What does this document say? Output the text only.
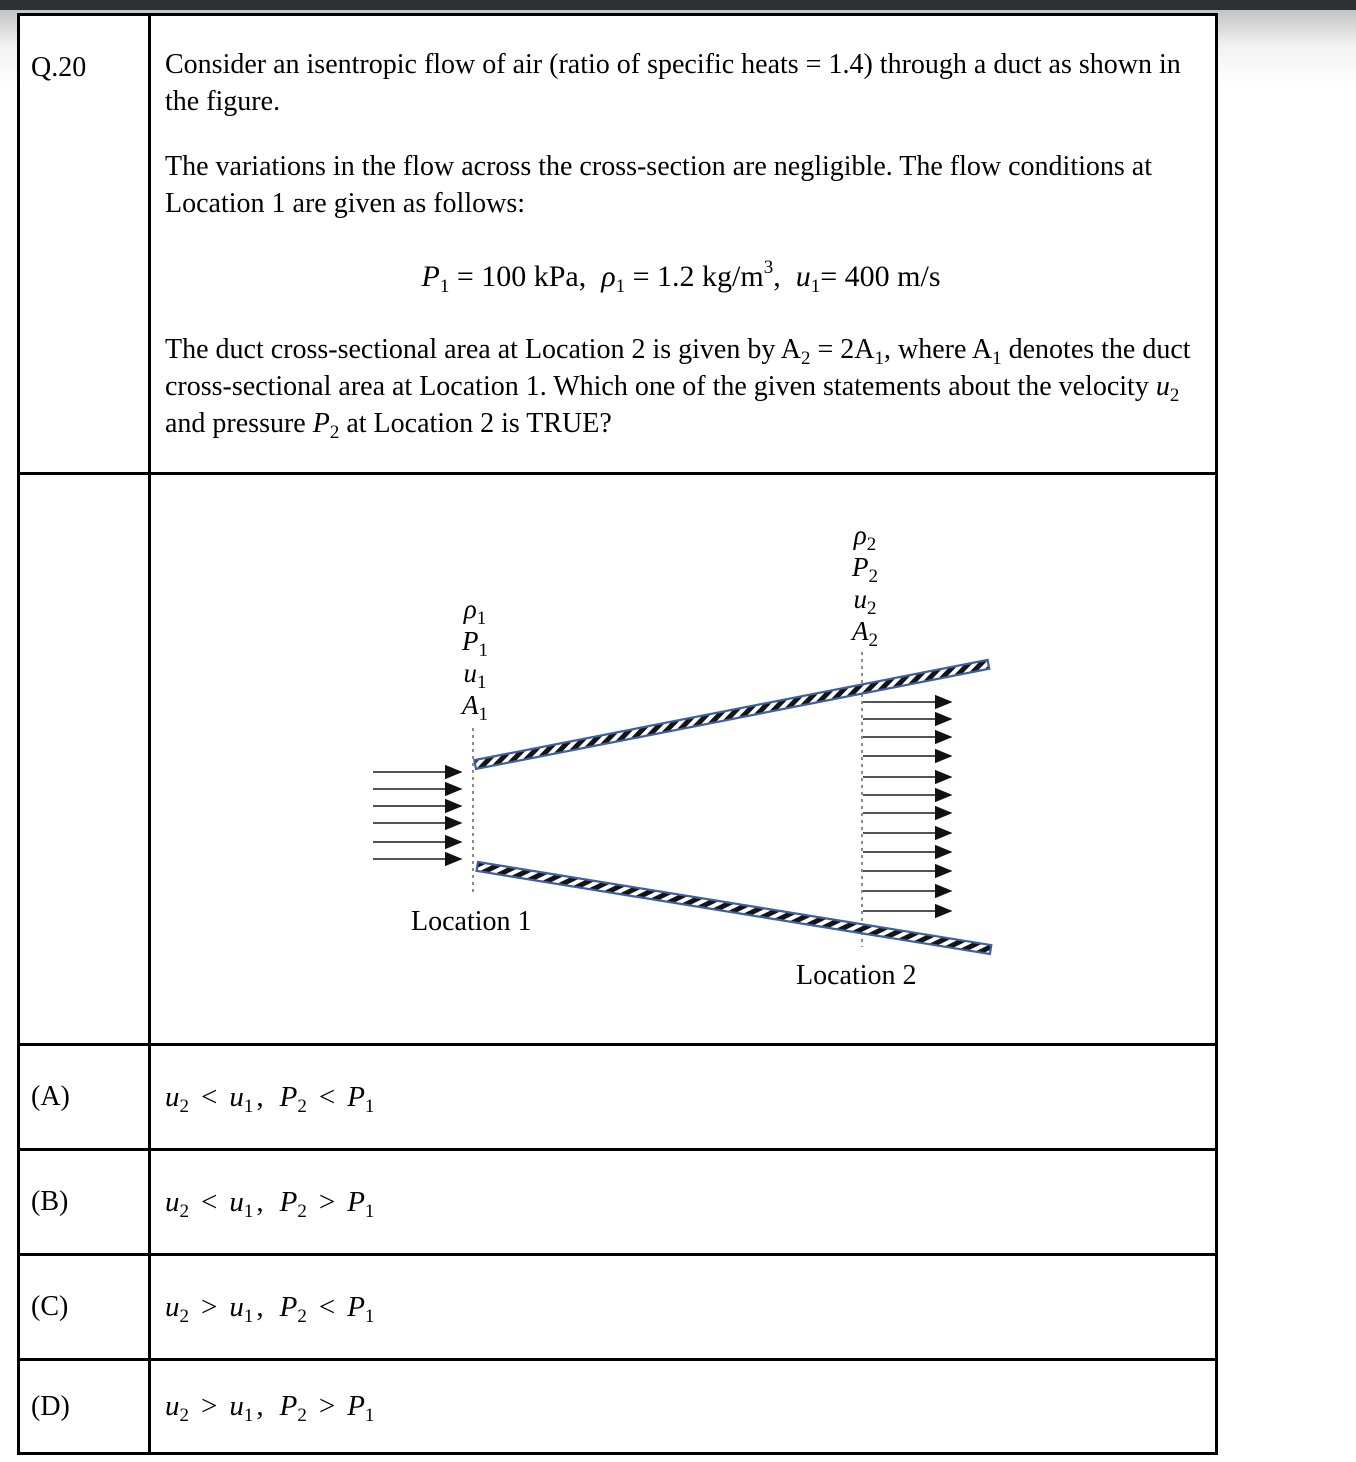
Q.20	Consider an isentropic flow of air (ratio of specific heats = 1.4) through a duct as shown in the figure.

The variations in the flow across the cross-section are negligible. The flow conditions at Location 1 are given as follows:

$P_1 = 100$ kPa,  $\rho_1 = 1.2$ $kg/m^3$,  $u_1= 400$ m/s

The duct cross-sectional area at Location 2 is given by $A_2 = 2A_1$, where $A_1$ denotes the duct cross-sectional area at Location 1. Which one of the given statements about the velocity $u_2$ and pressure $P_2$ at Location 2 is TRUE?

$\rho_1$
$P_1$
$u_1$
$A_1$
$\rho_2$
$P_2$
$u_2$
$A_2$
Location 1
Location 2
(A)	$u_2 < u_1$ , $P_2 < P_1$
(B)	$u_2 < u_1$ , $P_2 > P_1$
(C)	$u_2 > u_1$ , $P_2 < P_1$
(D)	$u_2 > u_1$ , $P_2 > P_1$
